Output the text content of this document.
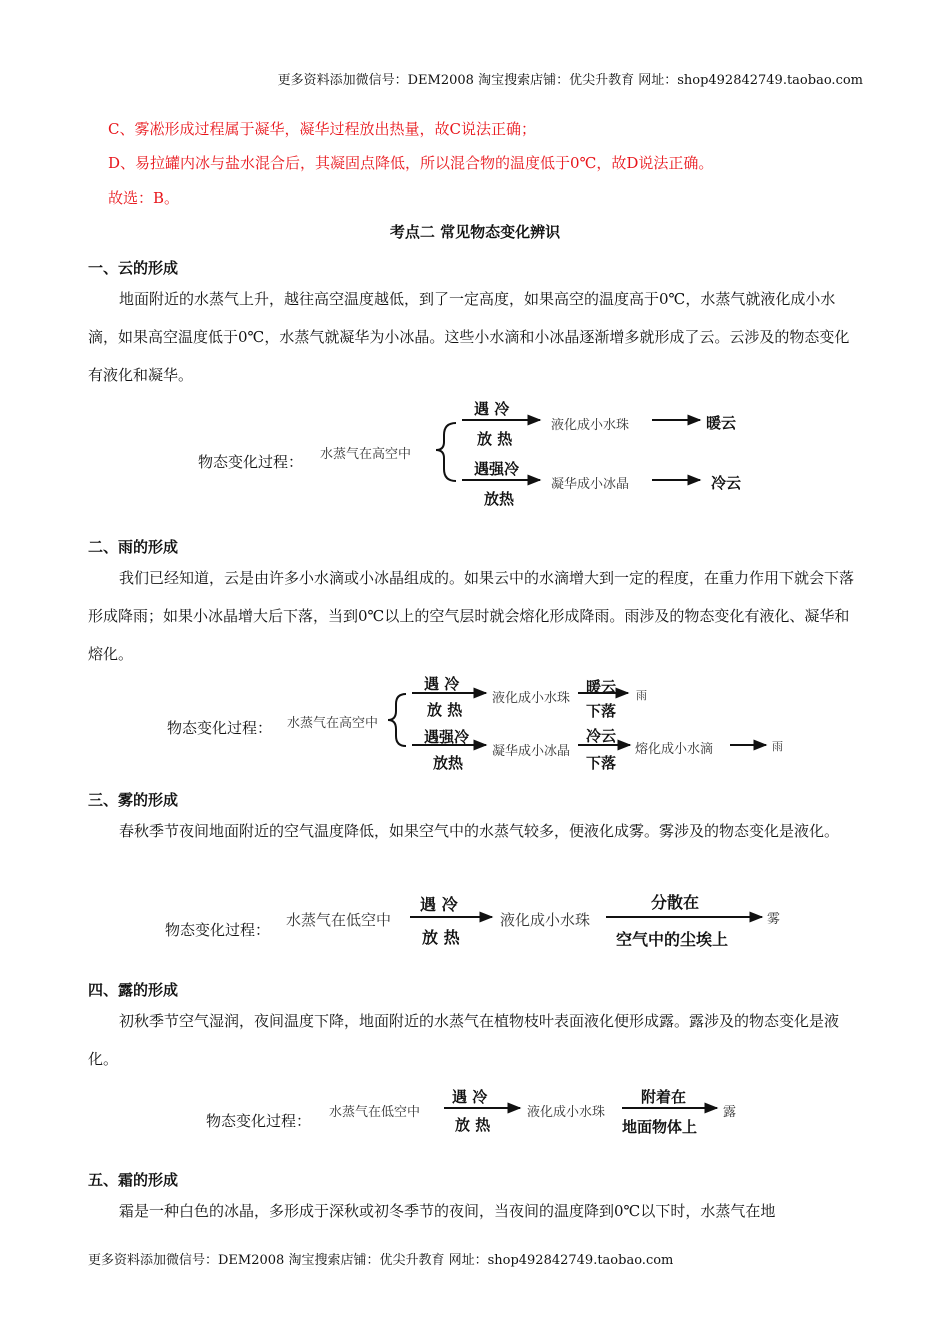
更多资料添加微信号：DEM2008 淘宝搜索店铺：优尖升教育 网址：shop492842749.taobao.com
C、雾凇形成过程属于凝华，凝华过程放出热量，故C说法正确；
D、易拉罐内冰与盐水混合后，其凝固点降低，所以混合物的温度低于0℃，故D说法正确。
故选：B。
考点二 常见物态变化辨识
一、云的形成
地面附近的水蒸气上升，越往高空温度越低，到了一定高度，如果高空的温度高于0℃，水蒸气就液化成小水滴，如果高空温度低于0℃，水蒸气就凝华为小冰晶。这些小水滴和小冰晶逐渐增多就形成了云。云涉及的物态变化有液化和凝华。
物态变化过程： 水蒸气在高空中
遇 冷
放 热
液化成小水珠	暖云
遇强冷
放热
凝华成小冰晶	冷云
二、雨的形成
我们已经知道，云是由许多小水滴或小冰晶组成的。如果云中的水滴增大到一定的程度，在重力作用下就会下落形成降雨；如果小冰晶增大后下落，当到0℃以上的空气层时就会熔化形成降雨。雨涉及的物态变化有液化、凝华和熔化。
物态变化过程： 水蒸气在高空中
遇 冷
放 热
液化成小水珠
暖云
下落
雨
遇强冷
放热
凝华成小冰晶
冷云
下落
熔化成小水滴	雨
三、雾的形成
春秋季节夜间地面附近的空气温度降低，如果空气中的水蒸气较多，便液化成雾。雾涉及的物态变化是液化。
物态变化过程：
水蒸气在低空中
遇 冷
放 热
液化成小水珠
分散在
空气中的尘埃上
雾
四、露的形成
初秋季节空气湿润，夜间温度下降，地面附近的水蒸气在植物枝叶表面液化便形成露。露涉及的物态变化是液化。
物态变化过程： 水蒸气在低空中
遇 冷
放 热
液化成小水珠
附着在
地面物体上
露
五、霜的形成
霜是一种白色的冰晶，多形成于深秋或初冬季节的夜间，当夜间的温度降到0℃以下时，水蒸气在地
更多资料添加微信号：DEM2008 淘宝搜索店铺：优尖升教育 网址：shop492842749.taobao.com
